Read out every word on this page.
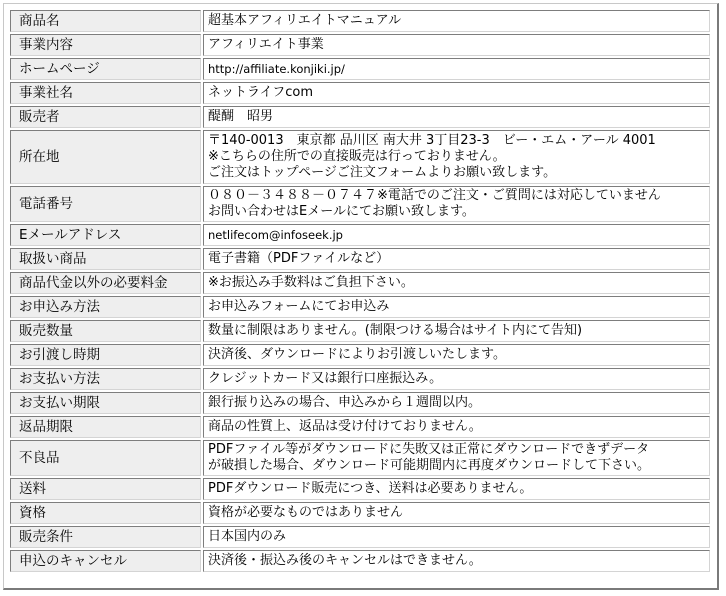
商品名	超基本アフィリエイトマニュアル

事業内容	アフィリエイト事業

ホームページ	http://affiliate.konjiki.jp/

事業社名	ネットライフcom

販売者	醍醐　昭男

所在地	〒140-0013　東京都 品川区 南大井 3丁目23-3　ビー・エム・アール 4001
※こちらの住所での直接販売は行っておりません。
ご注文はトップページご注文フォームよりお願い致します。

電話番号	０８０－３４８８－０７４７※電話でのご注文・ご質問には対応していません
お問い合わせはEメールにてお願い致します。

Eメールアドレス	netlifecom@infoseek.jp

取扱い商品	電子書籍（PDFファイルなど）

商品代金以外の必要料金	※お振込み手数料はご負担下さい。

お申込み方法	お申込みフォームにてお申込み

販売数量	数量に制限はありません。(制限つける場合はサイト内にて告知)

お引渡し時期	決済後、ダウンロードによりお引渡しいたします。

お支払い方法	クレジットカード又は銀行口座振込み。

お支払い期限	銀行振り込みの場合、申込みから１週間以内。

返品期限	商品の性質上、返品は受け付けておりません。

不良品	PDFファイル等がダウンロードに失敗又は正常にダウンロードできずデータ
が破損した場合、ダウンロード可能期間内に再度ダウンロードして下さい。

送料	PDFダウンロード販売につき、送料は必要ありません。

資格	資格が必要なものではありません

販売条件	日本国内のみ

申込のキャンセル	決済後・振込み後のキャンセルはできません。
